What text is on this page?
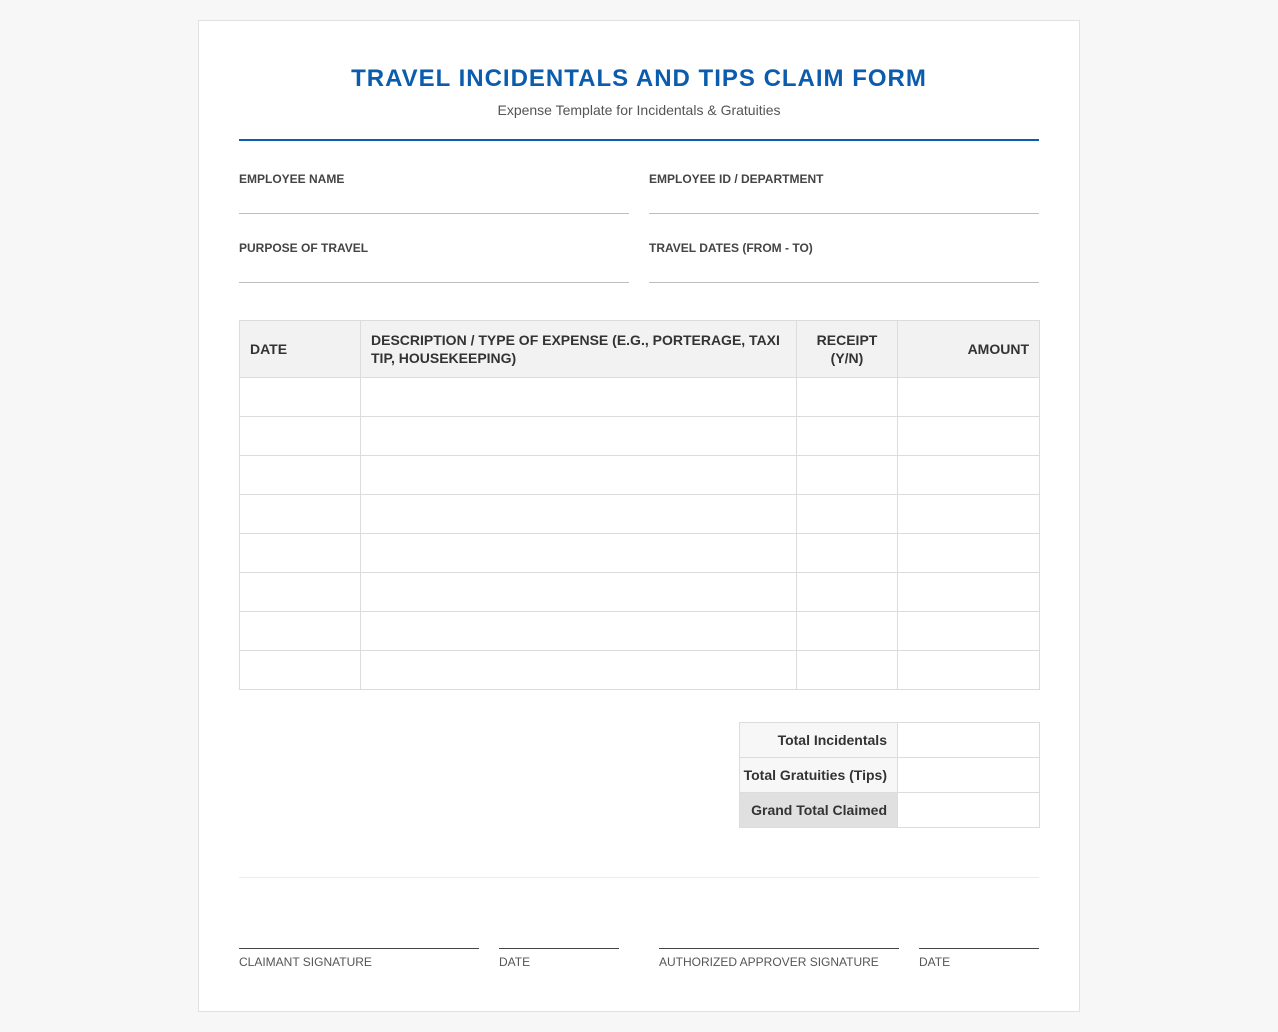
TRAVEL INCIDENTALS AND TIPS CLAIM FORM
Expense Template for Incidentals & Gratuities
EMPLOYEE NAME	EMPLOYEE ID / DEPARTMENT
PURPOSE OF TRAVEL	TRAVEL DATES (FROM - TO)
DATE	DESCRIPTION / TYPE OF EXPENSE (E.G., PORTERAGE, TAXI TIP, HOUSEKEEPING)	RECEIPT (Y/N)	AMOUNT

Total Incidentals	
Total Gratuities (Tips)	
Grand Total Claimed	
CLAIMANT SIGNATURE	DATE	AUTHORIZED APPROVER SIGNATURE	DATE
